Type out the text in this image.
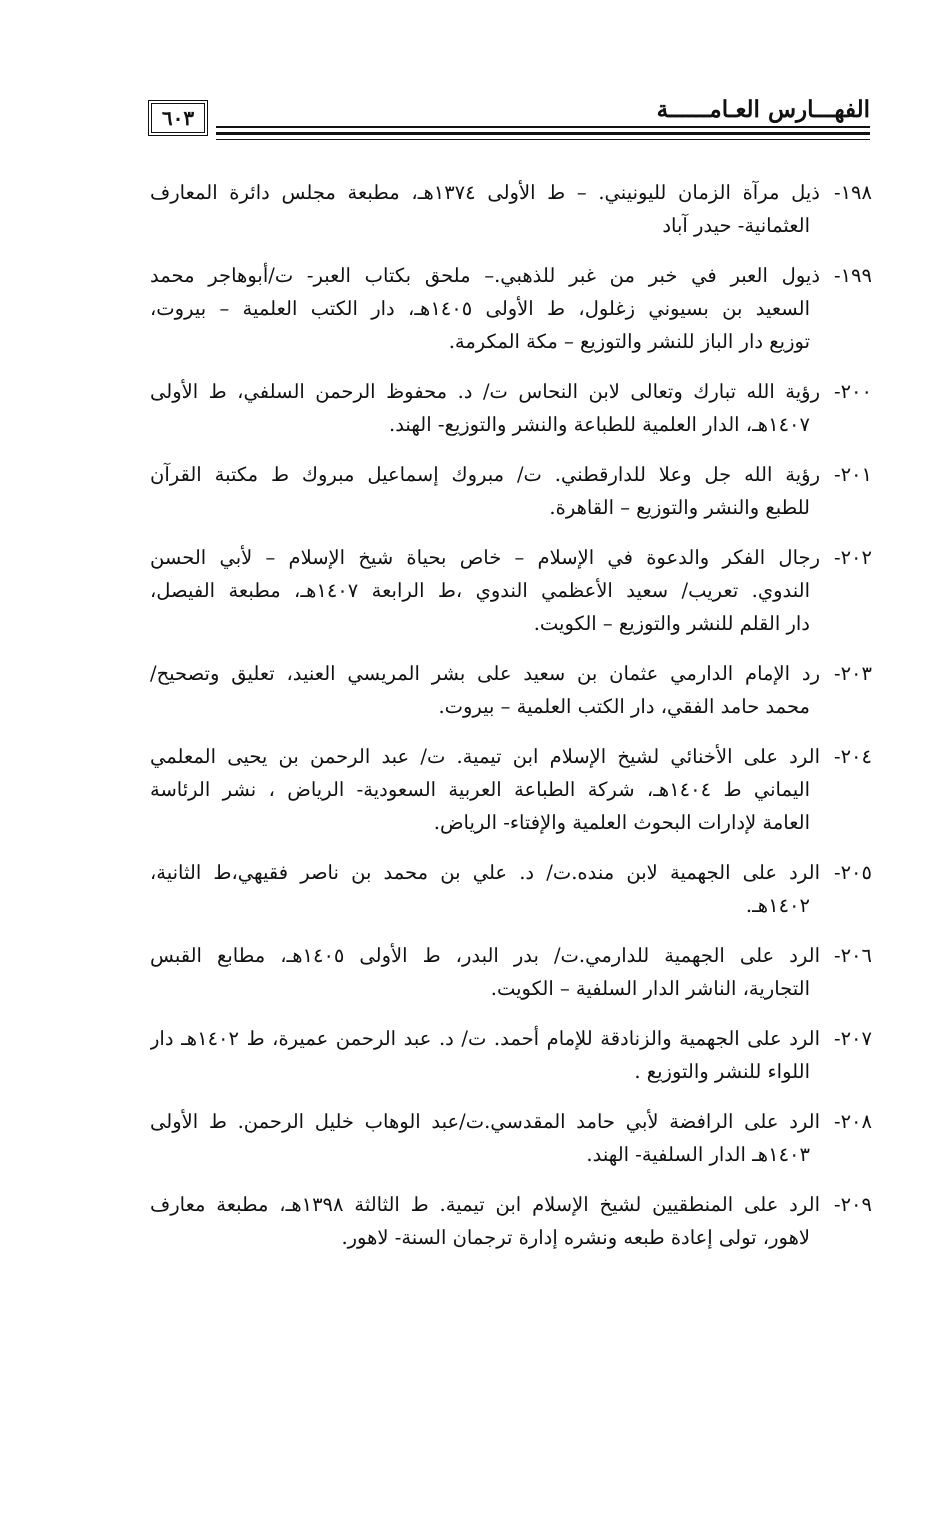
الفهـــارس العـامــــــة
٦٠٣
١٩٨-
ذيل مرآة الزمان لليونيني. – ط الأولى ١٣٧٤هـ، مطبعة مجلس دائرة المعارف
العثمانية- حيدر آباد
١٩٩-
ذيول العبر في خبر من غبر للذهبي.– ملحق بكتاب العبر- ت/أبوهاجر محمد
السعيد بن بسيوني زغلول، ط الأولى ١٤٠٥هـ، دار الكتب العلمية – بيروت،
توزيع دار الباز للنشر والتوزيع – مكة المكرمة.
٢٠٠-
رؤية الله تبارك وتعالى لابن النحاس ت/ د. محفوظ الرحمن السلفي، ط الأولى
١٤٠٧هـ، الدار العلمية للطباعة والنشر والتوزيع- الهند.
٢٠١-
رؤية الله جل وعلا للدارقطني. ت/ مبروك إسماعيل مبروك ط مكتبة القرآن
للطبع والنشر والتوزيع – القاهرة.
٢٠٢-
رجال الفكر والدعوة في الإسلام – خاص بحياة شيخ الإسلام – لأبي الحسن
الندوي. تعريب/ سعيد الأعظمي الندوي ،ط الرابعة ١٤٠٧هـ، مطبعة الفيصل،
دار القلم للنشر والتوزيع – الكويت.
٢٠٣-
رد الإمام الدارمي عثمان بن سعيد على بشر المريسي العنيد، تعليق وتصحيح/
محمد حامد الفقي، دار الكتب العلمية – بيروت.
٢٠٤-
الرد على الأخنائي لشيخ الإسلام ابن تيمية. ت/ عبد الرحمن بن يحيى المعلمي
اليماني ط ١٤٠٤هـ، شركة الطباعة العربية السعودية- الرياض ، نشر الرئاسة
العامة لإدارات البحوث العلمية والإفتاء- الرياض.
٢٠٥-
الرد على الجهمية لابن منده.ت/ د. علي بن محمد بن ناصر فقيهي،ط الثانية،
١٤٠٢هـ.
٢٠٦-
الرد على الجهمية للدارمي.ت/ بدر البدر، ط الأولى ١٤٠٥هـ، مطابع القبس
التجارية، الناشر الدار السلفية – الكويت.
٢٠٧-
الرد على الجهمية والزنادقة للإمام أحمد. ت/ د. عبد الرحمن عميرة، ط ١٤٠٢هـ دار
اللواء للنشر والتوزيع .
٢٠٨-
الرد على الرافضة لأبي حامد المقدسي.ت/عبد الوهاب خليل الرحمن. ط الأولى
١٤٠٣هـ الدار السلفية- الهند.
٢٠٩-
الرد على المنطقيين لشيخ الإسلام ابن تيمية. ط الثالثة ١٣٩٨هـ، مطبعة معارف
لاهور، تولى إعادة طبعه ونشره إدارة ترجمان السنة- لاهور.
